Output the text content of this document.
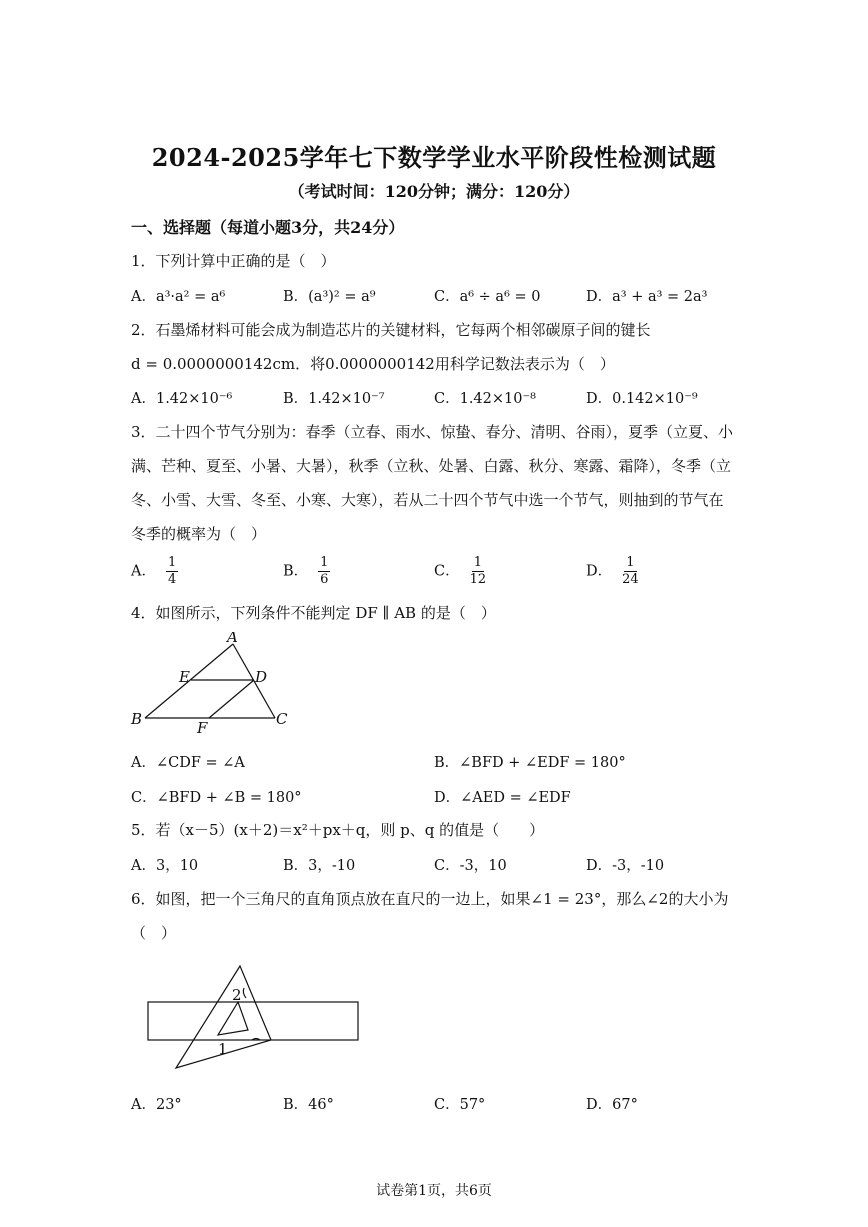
2024-2025学年七下数学学业水平阶段性检测试题
（考试时间：120分钟；满分：120分）
一、选择题（每道小题3分，共24分）
1．下列计算中正确的是（　）
A．a³·a² = a⁶	B．(a³)² = a⁹	C．a⁶ ÷ a⁶ = 0	D．a³ + a³ = 2a³
2．石墨烯材料可能会成为制造芯片的关键材料，它每两个相邻碳原子间的键长
d = 0.0000000142cm．将0.0000000142用科学记数法表示为（　）
A．1.42×10⁻⁶	B．1.42×10⁻⁷	C．1.42×10⁻⁸	D．0.142×10⁻⁹
3．二十四个节气分别为：春季（立春、雨水、惊蛰、春分、清明、谷雨），夏季（立夏、小
满、芒种、夏至、小暑、大暑），秋季（立秋、处暑、白露、秋分、寒露、霜降），冬季（立
冬、小雪、大雪、冬至、小寒、大寒），若从二十四个节气中选一个节气，则抽到的节气在
冬季的概率为（　）
A． $\frac{1}{4}$	B． $\frac{1}{6}$	C． $\frac{1}{12}$	D． $\frac{1}{24}$
4．如图所示，下列条件不能判定 DF ∥ AB 的是（　）
A
B	C
D
E
F
A．∠CDF = ∠A	B．∠BFD + ∠EDF = 180°
C．∠BFD + ∠B = 180°	D．∠AED = ∠EDF
5．若（x－5）(x＋2)＝x²＋px＋q，则 p、q 的值是（　　）
A．3，10	B．3，-10	C．-3，10	D．-3，-10
6．如图，把一个三角尺的直角顶点放在直尺的一边上，如果∠1 = 23°，那么∠2的大小为
（　）
2
1
A．23°	B．46°	C．57°	D．67°
试卷第1页，共6页
